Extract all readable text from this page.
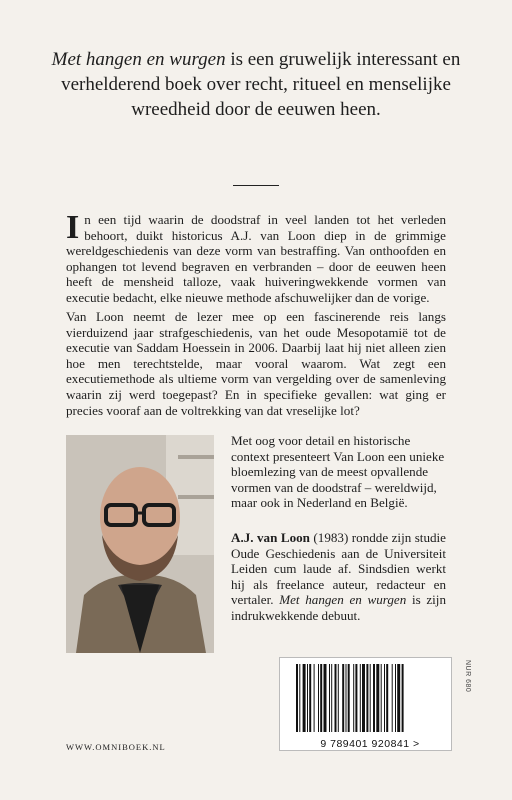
Met hangen en wurgen is een gruwelijk interessant en verhelderend boek over recht, ritueel en menselijke wreedheid door de eeuwen heen.

In een tijd waarin de doodstraf in veel landen tot het verleden behoort, duikt historicus A.J. van Loon diep in de grimmige wereldgeschiedenis van deze vorm van bestraffing. Van onthoofden en ophangen tot levend begraven en verbranden – door de eeuwen heen heeft de mensheid talloze, vaak huiveringwekkende vormen van executie bedacht, elke nieuwe methode afschuwelijker dan de vorige.

Van Loon neemt de lezer mee op een fascinerende reis langs vierduizend jaar strafgeschiedenis, van het oude Mesopotamië tot de executie van Saddam Hoessein in 2006. Daarbij laat hij niet alleen zien hoe men terechtstelde, maar vooral waarom. Wat zegt een executiemethode als ultieme vorm van vergelding over de samenleving waarin zij werd toegepast? En in specifieke gevallen: wat ging er precies vooraf aan de voltrekking van dat vreselijke lot?

Met oog voor detail en historische context presenteert Van Loon een unieke bloemlezing van de meest opvallende vormen van de doodstraf – wereldwijd, maar ook in Nederland en België.

A.J. van Loon (1983) rondde zijn studie Oude Geschiedenis aan de Universiteit Leiden cum laude af. Sindsdien werkt hij als freelance auteur, redacteur en vertaler. Met hangen en wurgen is zijn indrukwekkende debuut.

NUR 680
9 789401 920841 >
WWW.OMNIBOEK.NL
